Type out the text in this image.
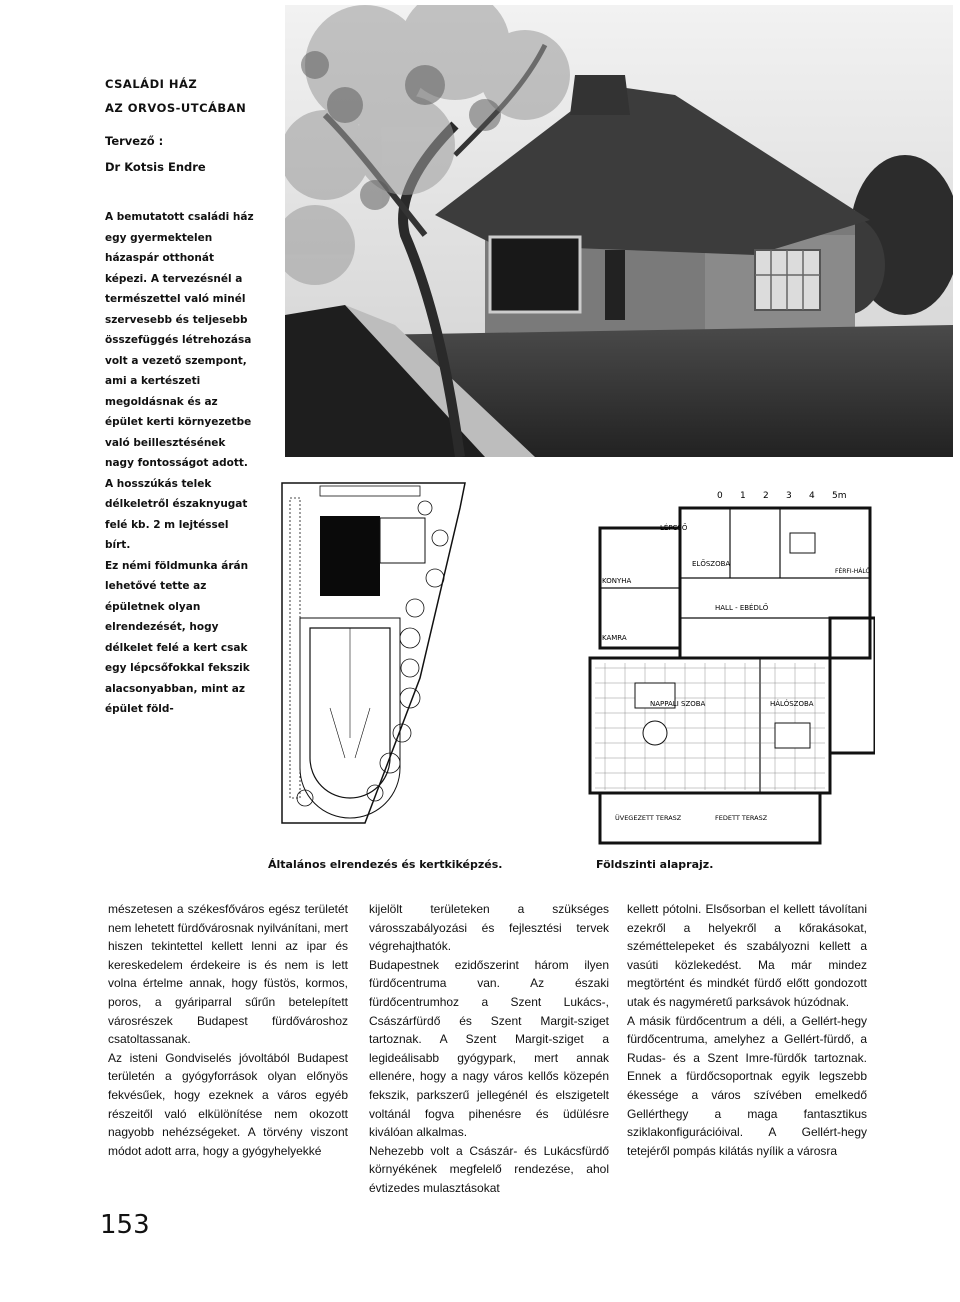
CSALÁDI HÁZ
AZ ORVOS-UTCÁBAN
Tervező :
Dr Kotsis Endre

A bemutatott családi ház egy gyermektelen házaspár otthonát képezi. A tervezésnél a természettel való minél szervesebb és teljesebb összefüggés létrehozása volt a vezető szempont, ami a kertészeti megoldásnak és az épület kerti környezetbe való beillesztésének nagy fontosságot adott.

A hosszúkás telek délkeletről északnyugat felé kb. 2 m lejtéssel bírt.

Ez némi földmunka árán lehetővé tette az épületnek olyan elrendezését, hogy délkelet felé a kert csak egy lépcsőfokkal fekszik alacsonyabban, mint az épület föld-

0 1 2 3 4 5m
LÉPCSŐ
ELŐSZOBA
KONYHA
KAMRA
HALL - EBÉDLŐ
FÉRFI-HÁLÓ
NAPPALI SZOBA	HÁLÓSZOBA
ÜVEGEZETT TERASZ	FEDETT TERASZ
Általános elrendezés és kertkiképzés.	Földszinti alaprajz.

mészetesen a székesfőváros egész területét nem lehetett fürdővárosnak nyilvánítani, mert hiszen tekintettel kellett lenni az ipar és kereskedelem érdekeire is és nem is lett volna értelme annak, hogy füstös, kormos, poros, a gyáriparral sűrűn betelepített városrészek Budapest fürdővároshoz csatoltassanak.

Az isteni Gondviselés jóvoltából Budapest területén a gyógyforrások olyan előnyös fekvésűek, hogy ezeknek a város egyéb részeitől való elkülönítése nem okozott nagyobb nehézségeket. A törvény viszont módot adott arra, hogy a gyógyhelyekké

kijelölt területeken a szükséges városszabályozási és fejlesztési tervek végrehajthatók.

Budapestnek ezidőszerint három ilyen fürdőcentruma van. Az északi fürdőcentrumhoz a Szent Lukács-, Császárfürdő és Szent Margit-sziget tartoznak. A Szent Margit-sziget a legideálisabb gyógypark, mert annak ellenére, hogy a nagy város kellős közepén fekszik, parkszerű jellegénél és elszigetelt voltánál fogva pihenésre és üdülésre kiválóan alkalmas.

Nehezebb volt a Császár- és Lukácsfürdő környékének megfelelő rendezése, ahol évtizedes mulasztásokat

kellett pótolni. Elsősorban el kellett távolítani ezekről a helyekről a kőrakásokat, széméttelepeket és szabályozni kellett a vasúti közlekedést. Ma már mindez megtörtént és mindkét fürdő előtt gondozott utak és nagyméretű parksávok húzódnak.

A másik fürdőcentrum a déli, a Gellért-hegy fürdőcentruma, amelyhez a Gellért-fürdő, a Rudas- és a Szent Imre-fürdők tartoznak. Ennek a fürdőcsoportnak egyik legszebb ékessége a város szívében emelkedő Gellérthegy a maga fantasztikus sziklakonfigurációival. A Gellért-hegy tetejéről pompás kilátás nyílik a városra

153
